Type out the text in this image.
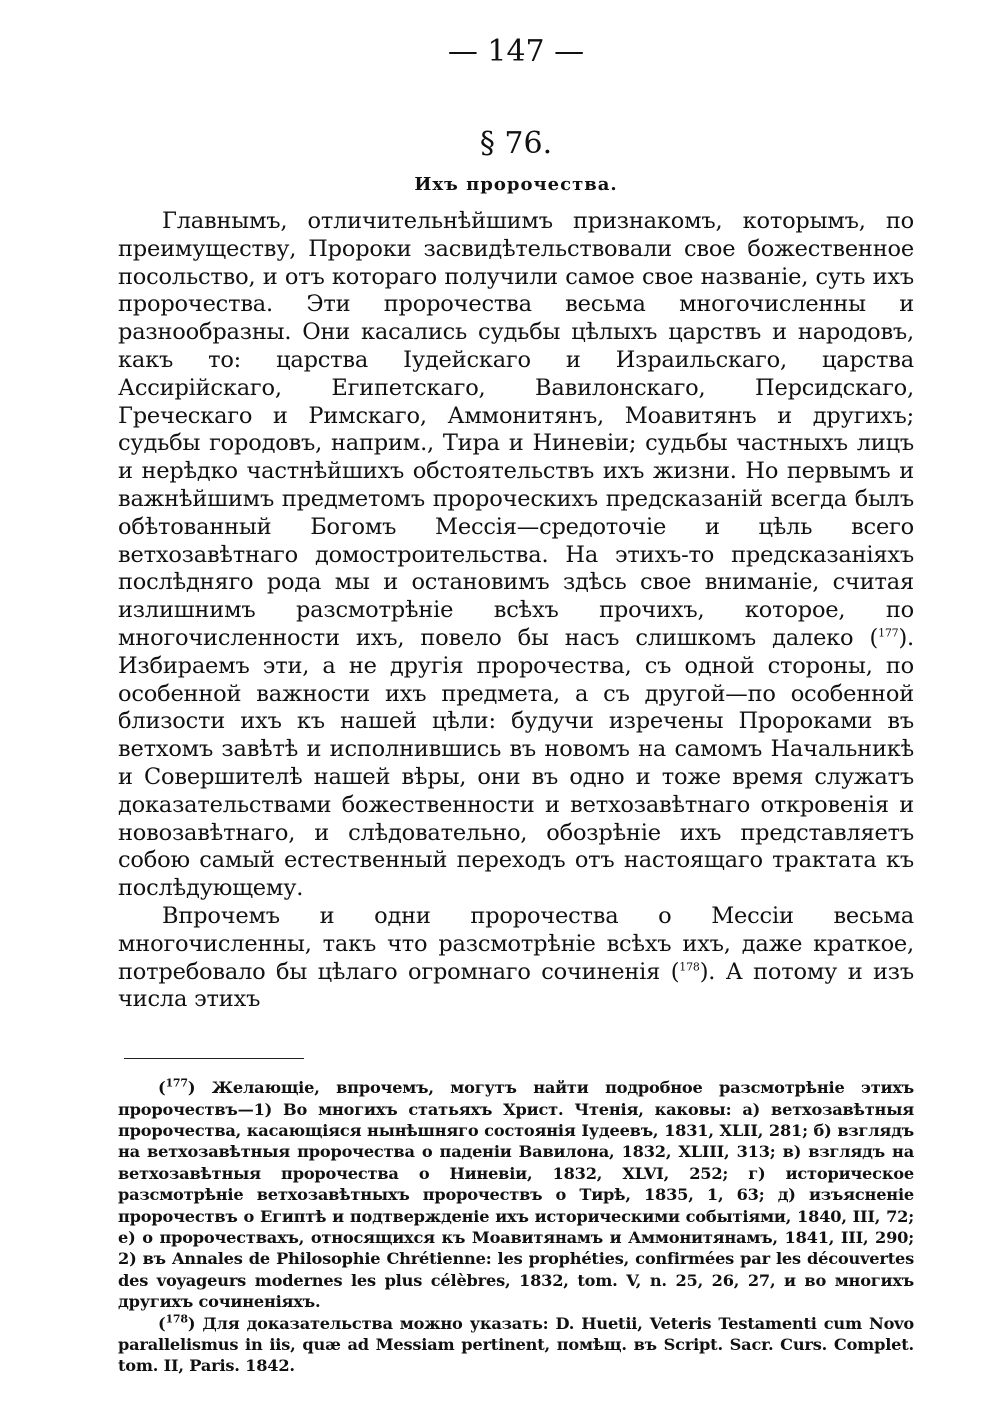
— 147 —
§ 76.
Ихъ пророчества.

Главнымъ, отличительнѣйшимъ признакомъ, которымъ, по преимуществу, Пророки засвидѣтельствовали свое божественное посольство, и отъ котораго получили самое свое названіе, суть ихъ пророчества. Эти пророчества весьма многочисленны и разнообразны. Они касались судьбы цѣлыхъ царствъ и народовъ, какъ то: царства Іудейскаго и Израильскаго, царства Ассирійскаго, Египетскаго, Вавилонскаго, Персидскаго, Греческаго и Римскаго, Аммонитянъ, Моавитянъ и другихъ; судьбы городовъ, наприм., Тира и Ниневіи; судьбы частныхъ лицъ и нерѣдко частнѣйшихъ обстоятельствъ ихъ жизни. Но первымъ и важнѣйшимъ предметомъ пророческихъ предсказаній всегда былъ обѣтованный Богомъ Мессія—средоточіе и цѣль всего ветхозавѣтнаго домостроительства. На этихъ-то предсказаніяхъ послѣдняго рода мы и остановимъ здѣсь свое вниманіе, считая излишнимъ разсмотрѣніе всѣхъ прочихъ, которое, по многочисленности ихъ, повело бы насъ слишкомъ далеко ($^{177}$). Избираемъ эти, а не другія пророчества, съ одной стороны, по особенной важности ихъ предмета, а съ другой—по особенной близости ихъ къ нашей цѣли: будучи изречены Пророками въ ветхомъ завѣтѣ и исполнившись въ новомъ на самомъ Начальникѣ и Совершителѣ нашей вѣры, они въ одно и тоже время служатъ доказательствами божественности и ветхозавѣтнаго откровенія и новозавѣтнаго, и слѣдовательно, обозрѣніе ихъ представляетъ собою самый естественный переходъ отъ настоящаго трактата къ послѣдующему.

Впрочемъ и одни пророчества о Мессіи весьма многочисленны, такъ что разсмотрѣніе всѣхъ ихъ, даже краткое, потребовало бы цѣлаго огромнаго сочиненія ($^{178}$). А потому и изъ числа этихъ

($^{177}$) Желающіе, впрочемъ, могутъ найти подробное разсмотрѣніе этихъ пророчествъ—1) Во многихъ статьяхъ Христ. Чтенія, каковы: а) ветхозавѣтныя пророчества, касающіяся нынѣшняго состоянія Іудеевъ, 1831, XLII, 281; б) взглядъ на ветхозавѣтныя пророчества о паденіи Вавилона, 1832, XLIII, 313; в) взглядъ на ветхозавѣтныя пророчества о Ниневіи, 1832, XLVI, 252; г) историческое разсмотрѣніе ветхозавѣтныхъ пророчествъ о Тирѣ, 1835, 1, 63; д) изъясненіе пророчествъ о Египтѣ и подтвержденіе ихъ историческими событіями, 1840, III, 72; е) о пророчествахъ, относящихся къ Моавитянамъ и Аммонитянамъ, 1841, III, 290; 2) въ Annales de Philosophie Chrétienne: les prophéties, confirmées par les découvertes des voyageurs modernes les plus célèbres, 1832, tom. V, n. 25, 26, 27, и во многихъ другихъ сочиненіяхъ.

($^{178}$) Для доказательства можно указать: D. Huetii, Veteris Testamenti cum Novo parallelismus in iis, quæ ad Messiam pertinent, помѣщ. въ Script. Sacr. Curs. Complet. tom. II, Paris. 1842.
